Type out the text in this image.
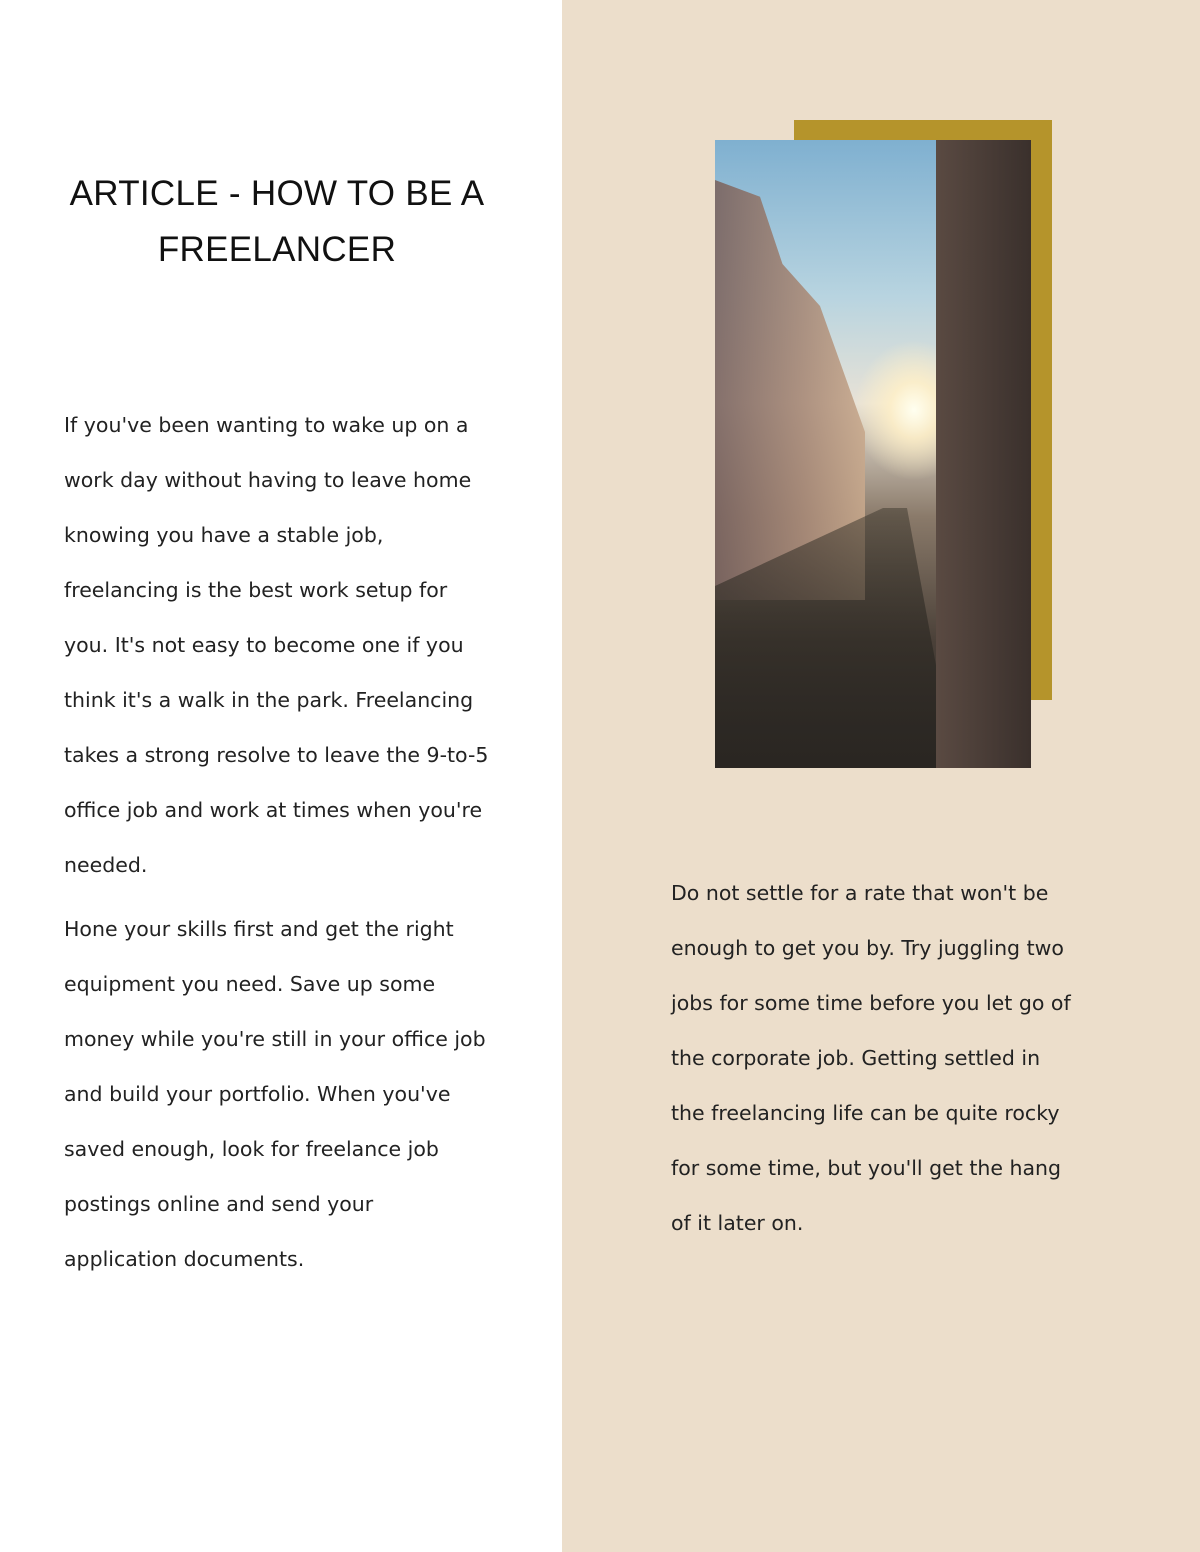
ARTICLE - HOW TO BE A
FREELANCER
If you've been wanting to wake up on a
work day without having to leave home
knowing you have a stable job,
freelancing is the best work setup for
you. It's not easy to become one if you
think it's a walk in the park. Freelancing
takes a strong resolve to leave the 9-to-5
office job and work at times when you're
needed.
Hone your skills first and get the right
equipment you need. Save up some
money while you're still in your office job
and build your portfolio. When you've
saved enough, look for freelance job
postings online and send your
application documents.
Do not settle for a rate that won't be
enough to get you by. Try juggling two
jobs for some time before you let go of
the corporate job. Getting settled in
the freelancing life can be quite rocky
for some time, but you'll get the hang
of it later on.
